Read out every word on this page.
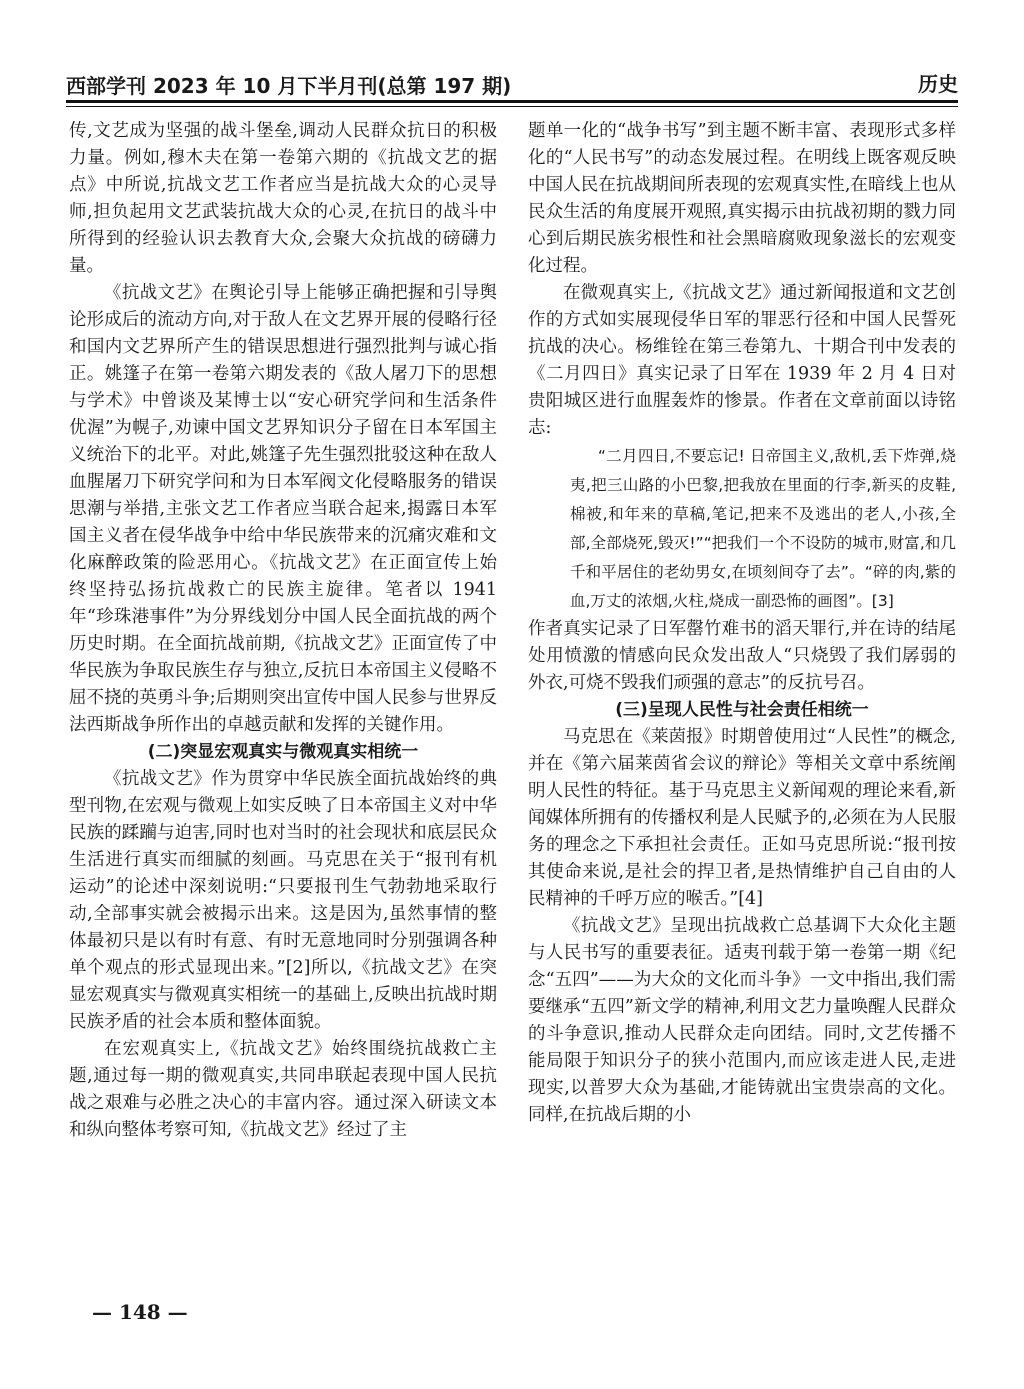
西部学刊 2023 年 10 月下半月刊(总第 197 期)	历史

传,文艺成为坚强的战斗堡垒,调动人民群众抗日的积极力量。例如,穆木夫在第一卷第六期的《抗战文艺的据点》中所说,抗战文艺工作者应当是抗战大众的心灵导师,担负起用文艺武装抗战大众的心灵,在抗日的战斗中所得到的经验认识去教育大众,会聚大众抗战的磅礴力量。

《抗战文艺》在舆论引导上能够正确把握和引导舆论形成后的流动方向,对于敌人在文艺界开展的侵略行径和国内文艺界所产生的错误思想进行强烈批判与诚心指正。姚篷子在第一卷第六期发表的《敌人屠刀下的思想与学术》中曾谈及某博士以“安心研究学问和生活条件优渥”为幌子,劝谏中国文艺界知识分子留在日本军国主义统治下的北平。对此,姚篷子先生强烈批驳这种在敌人血腥屠刀下研究学问和为日本军阀文化侵略服务的错误思潮与举措,主张文艺工作者应当联合起来,揭露日本军国主义者在侵华战争中给中华民族带来的沉痛灾难和文化麻醉政策的险恶用心。《抗战文艺》在正面宣传上始终坚持弘扬抗战救亡的民族主旋律。笔者以 1941 年“珍珠港事件”为分界线划分中国人民全面抗战的两个历史时期。在全面抗战前期,《抗战文艺》正面宣传了中华民族为争取民族生存与独立,反抗日本帝国主义侵略不屈不挠的英勇斗争;后期则突出宣传中国人民参与世界反法西斯战争所作出的卓越贡献和发挥的关键作用。

(二)突显宏观真实与微观真实相统一

《抗战文艺》作为贯穿中华民族全面抗战始终的典型刊物,在宏观与微观上如实反映了日本帝国主义对中华民族的蹂躏与迫害,同时也对当时的社会现状和底层民众生活进行真实而细腻的刻画。马克思在关于“报刊有机运动”的论述中深刻说明:“只要报刊生气勃勃地采取行动,全部事实就会被揭示出来。这是因为,虽然事情的整体最初只是以有时有意、有时无意地同时分别强调各种单个观点的形式显现出来。”[2]所以,《抗战文艺》在突显宏观真实与微观真实相统一的基础上,反映出抗战时期民族矛盾的社会本质和整体面貌。

在宏观真实上,《抗战文艺》始终围绕抗战救亡主题,通过每一期的微观真实,共同串联起表现中国人民抗战之艰难与必胜之决心的丰富内容。通过深入研读文本和纵向整体考察可知,《抗战文艺》经过了主

题单一化的“战争书写”到主题不断丰富、表现形式多样化的“人民书写”的动态发展过程。在明线上既客观反映中国人民在抗战期间所表现的宏观真实性,在暗线上也从民众生活的角度展开观照,真实揭示由抗战初期的戮力同心到后期民族劣根性和社会黑暗腐败现象滋长的宏观变化过程。

在微观真实上,《抗战文艺》通过新闻报道和文艺创作的方式如实展现侵华日军的罪恶行径和中国人民誓死抗战的决心。杨维铨在第三卷第九、十期合刊中发表的《二月四日》真实记录了日军在 1939 年 2 月 4 日对贵阳城区进行血腥轰炸的惨景。作者在文章前面以诗铭志:

“二月四日,不要忘记! 日帝国主义,敌机,丢下炸弹,烧夷,把三山路的小巴黎,把我放在里面的行李,新买的皮鞋,棉被,和年来的草稿,笔记,把来不及逃出的老人,小孩,全部,全部烧死,毁灭!”“把我们一个不设防的城市,财富,和几千和平居住的老幼男女,在顷刻间夺了去”。“碎的肉,紫的血,万丈的浓烟,火柱,烧成一副恐怖的画图”。[3]

作者真实记录了日军罄竹难书的滔天罪行,并在诗的结尾处用愤激的情感向民众发出敌人“只烧毁了我们孱弱的外衣,可烧不毁我们顽强的意志”的反抗号召。

(三)呈现人民性与社会责任相统一

马克思在《莱茵报》时期曾使用过“人民性”的概念,并在《第六届莱茵省会议的辩论》等相关文章中系统阐明人民性的特征。基于马克思主义新闻观的理论来看,新闻媒体所拥有的传播权利是人民赋予的,必须在为人民服务的理念之下承担社会责任。正如马克思所说:“报刊按其使命来说,是社会的捍卫者,是热情维护自己自由的人民精神的千呼万应的喉舌。”[4]

《抗战文艺》呈现出抗战救亡总基调下大众化主题与人民书写的重要表征。适夷刊载于第一卷第一期《纪念“五四”——为大众的文化而斗争》一文中指出,我们需要继承“五四”新文学的精神,利用文艺力量唤醒人民群众的斗争意识,推动人民群众走向团结。同时,文艺传播不能局限于知识分子的狭小范围内,而应该走进人民,走进现实,以普罗大众为基础,才能铸就出宝贵崇高的文化。同样,在抗战后期的小

— 148 —
